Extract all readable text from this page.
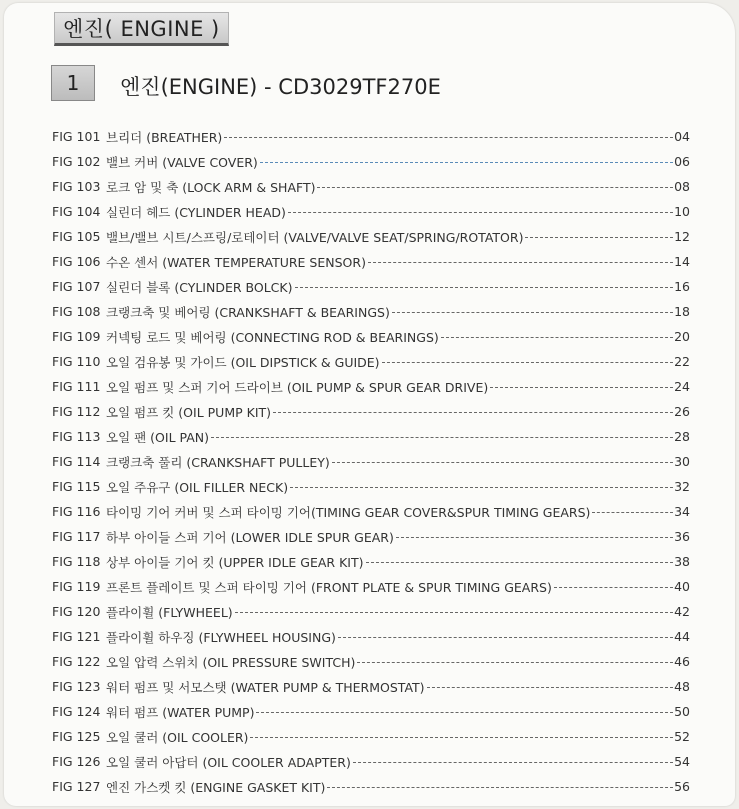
엔진( ENGINE )
1	엔진(ENGINE) - CD3029TF270E
FIG 101 브리더 (BREATHER)	04
FIG 102 밸브 커버 (VALVE COVER)	06
FIG 103 로크 암 및 축 (LOCK ARM & SHAFT)	08
FIG 104 실린더 헤드 (CYLINDER HEAD)	10
FIG 105 밸브/밸브 시트/스프링/로테이터 (VALVE/VALVE SEAT/SPRING/ROTATOR)	12
FIG 106 수온 센서 (WATER TEMPERATURE SENSOR)	14
FIG 107 실린더 블록 (CYLINDER BOLCK)	16
FIG 108 크랭크축 및 베어링 (CRANKSHAFT & BEARINGS)	18
FIG 109 커넥팅 로드 및 베어링 (CONNECTING ROD & BEARINGS)	20
FIG 110 오일 검유봉 및 가이드 (OIL DIPSTICK & GUIDE)	22
FIG 111 오일 펌프 및 스퍼 기어 드라이브 (OIL PUMP & SPUR GEAR DRIVE)	24
FIG 112 오일 펌프 킷 (OIL PUMP KIT)	26
FIG 113 오일 팬 (OIL PAN)	28
FIG 114 크랭크축 풀리 (CRANKSHAFT PULLEY)	30
FIG 115 오일 주유구 (OIL FILLER NECK)	32
FIG 116 타이밍 기어 커버 및 스퍼 타이밍 기어(TIMING GEAR COVER&SPUR TIMING GEARS)	34
FIG 117 하부 아이들 스퍼 기어 (LOWER IDLE SPUR GEAR)	36
FIG 118 상부 아이들 기어 킷 (UPPER IDLE GEAR KIT)	38
FIG 119 프론트 플레이트 및 스퍼 타이밍 기어 (FRONT PLATE & SPUR TIMING GEARS)	40
FIG 120 플라이휠 (FLYWHEEL)	42
FIG 121 플라이휠 하우징 (FLYWHEEL HOUSING)	44
FIG 122 오일 압력 스위치 (OIL PRESSURE SWITCH)	46
FIG 123 워터 펌프 및 서모스탯 (WATER PUMP & THERMOSTAT)	48
FIG 124 워터 펌프 (WATER PUMP)	50
FIG 125 오일 쿨러 (OIL COOLER)	52
FIG 126 오일 쿨러 아답터 (OIL COOLER ADAPTER)	54
FIG 127 엔진 가스켓 킷 (ENGINE GASKET KIT)	56
